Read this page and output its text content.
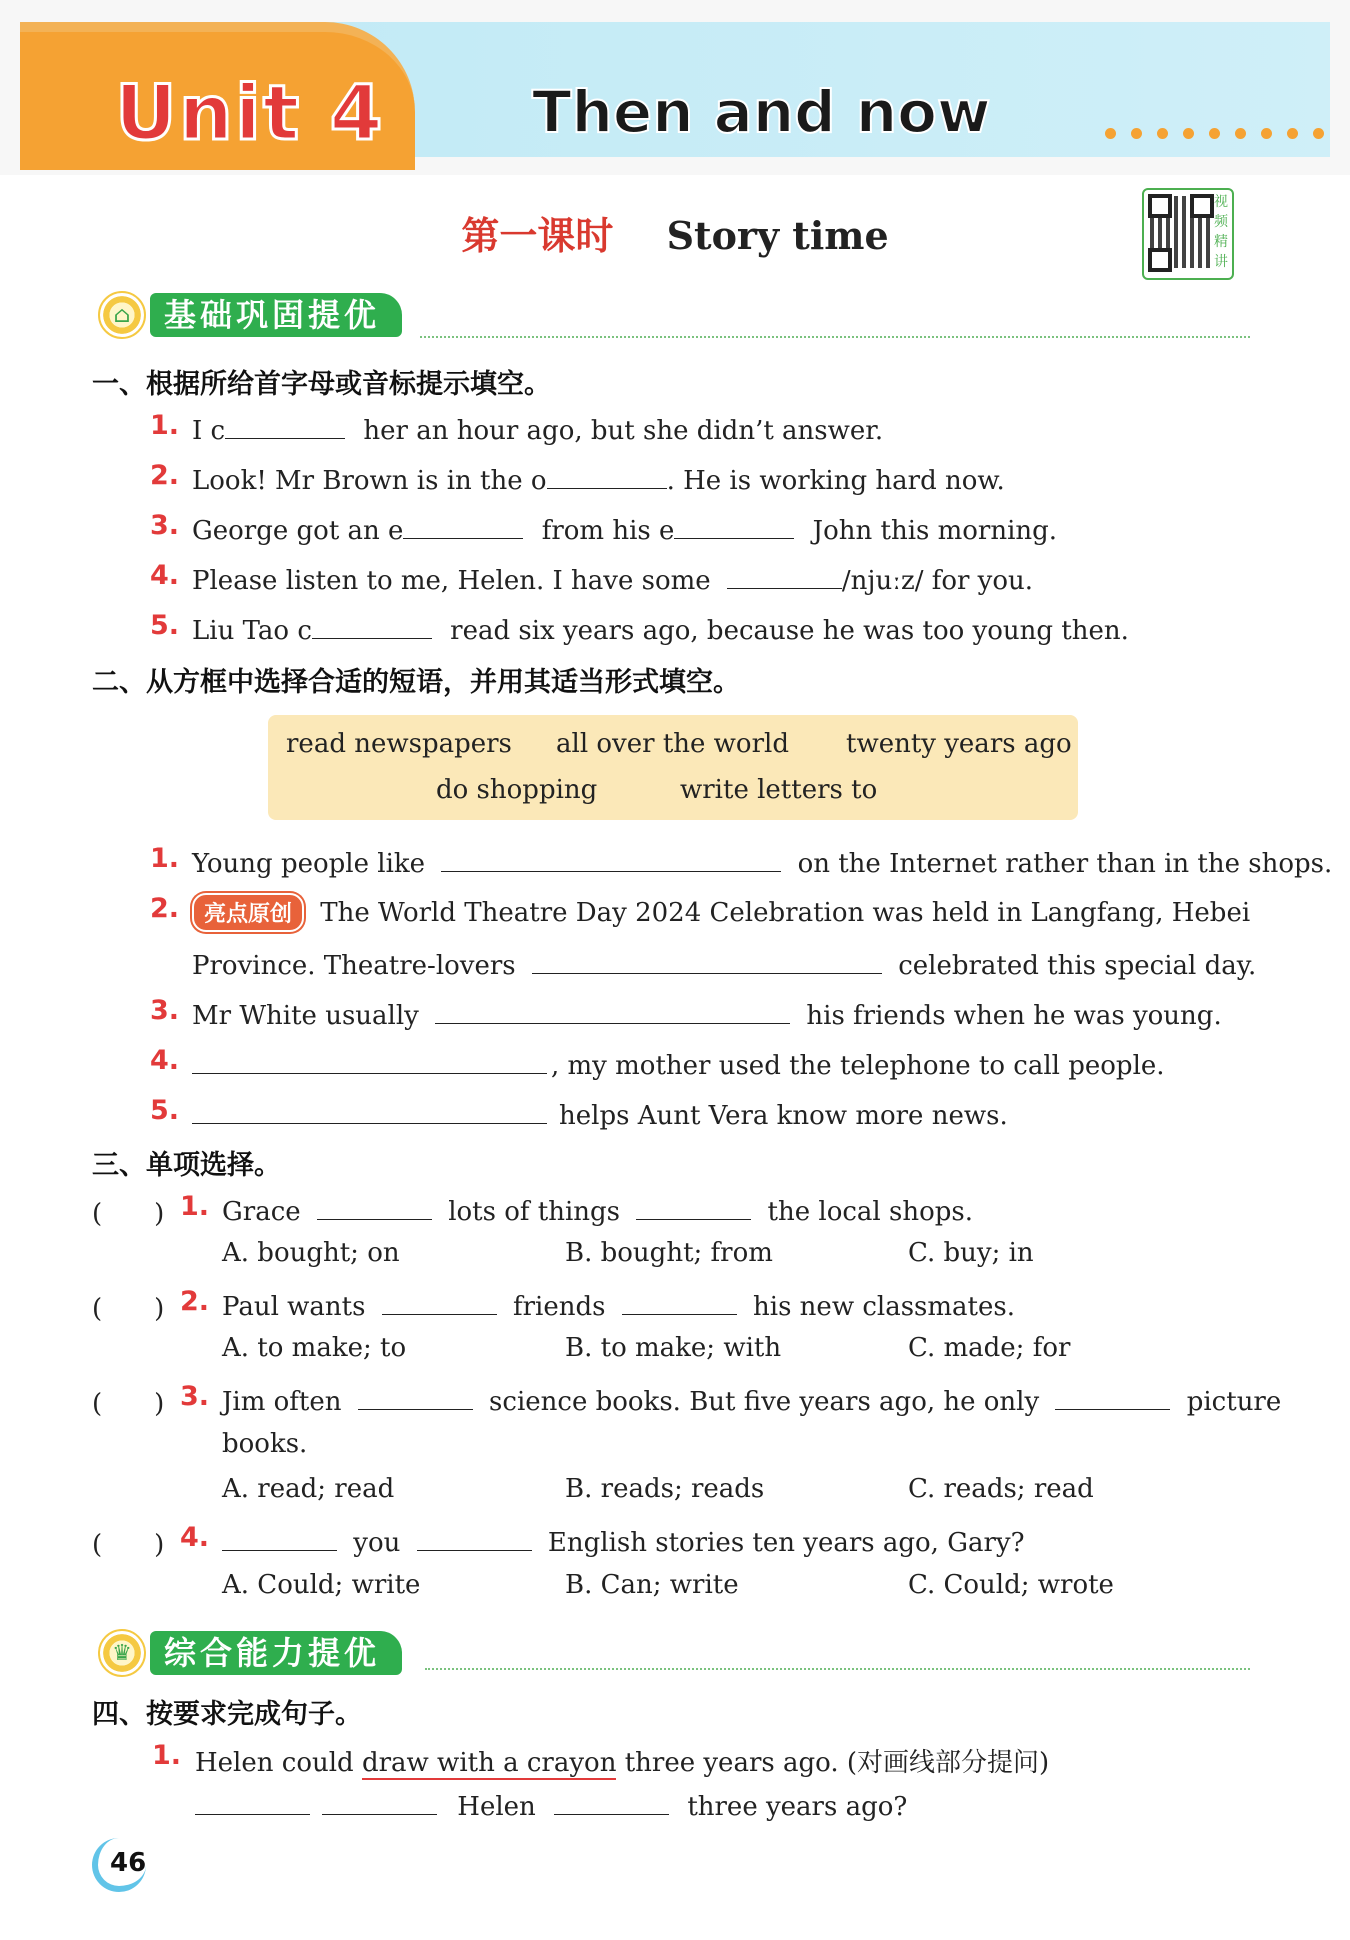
Unit 4	Then and now
第一课时 Story time
视频精讲
⌂	基础巩固提优
一、根据所给首字母或音标提示填空。
1. I c	her an hour ago, but she didn’t answer.
2. Look! Mr Brown is in the o	. He is working hard now.
3. George got an e	from his e	John this morning.
4. Please listen to me, Helen. I have some	/njuːz/ for you.
5. Liu Tao c	read six years ago, because he was too young then.
二、从方框中选择合适的短语，并用其适当形式填空。
read newspapers all over the world twenty years ago
do shopping	write letters to
1. Young people like	on the Internet rather than in the shops.
2.	亮点原创 The World Theatre Day 2024 Celebration was held in Langfang, Hebei
Province. Theatre-lovers	celebrated this special day.
3. Mr White usually	his friends when he was young.
4.	, my mother used the telephone to call people.
5.	helps Aunt Vera know more news.
三、单项选择。
(　　) 1. Grace	lots of things	the local shops.
A. bought; on	B. bought; from	C. buy; in
(　　) 2. Paul wants	friends	his new classmates.
A. to make; to	B. to make; with	C. made; for
(　　) 3. Jim often	science books. But five years ago, he only	picture
books.
A. read; read	B. reads; reads	C. reads; read
(　　) 4.	you	English stories ten years ago, Gary?
A. Could; write	B. Can; write	C. Could; wrote
♛	综合能力提优
四、按要求完成句子。
1. Helen could draw with a crayon three years ago. (对画线部分提问)
Helen	three years ago?
46
